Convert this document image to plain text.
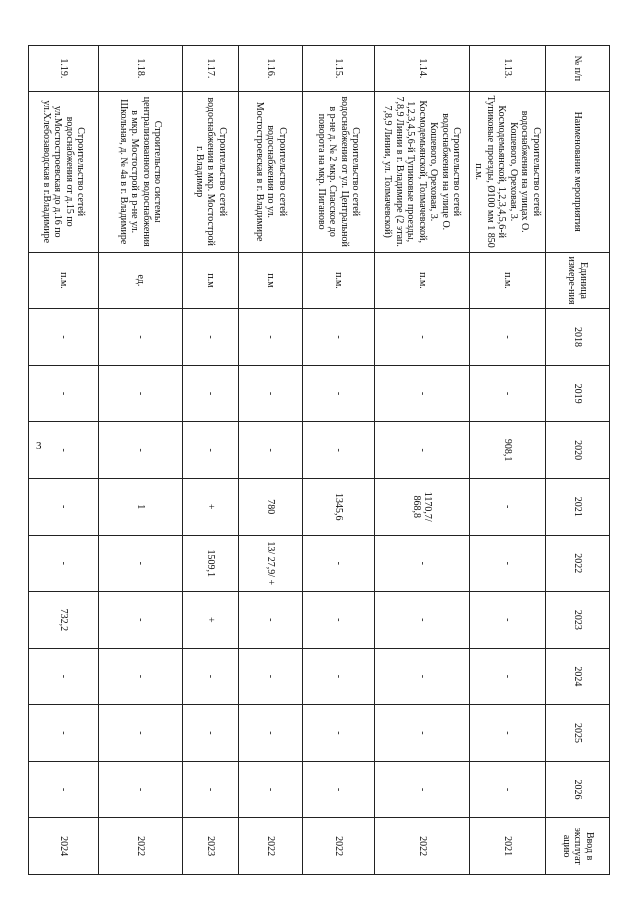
3
№ п/п	Наименование мероприятия	Единица измере-ния	2018	2019	2020	2021	2022	2023	2024	2025	2026	Ввод в эксплуат ацию
1.13.	Строительство сетей водоснабжения на улицах О. Кошевого, Ореховая, 3. Космодемьянской, 1,2,3,4,5,6-й Тупиковые проезды, Ø100 мм 1 850 п.м.	п.м.	-	-	908,1	-	-	-	-	-	-	2021
1.14.	Строительство сетей водоснабжения на улице О. Кошевого, Ореховая, 3. Космодемьянской, Толмачевской, 1,2,3,4,5,6-й Тупиковые проезды, 7,8,9 Линии в г. Владимире (2 этап. 7,8,9 Линии, ул. Толмачевской)	п.м.	-	-	-	1170,7/ 868,8	-	-	-	-	-	2022
1.15.	Строительство сетей водоснабжения от ул. Центральной в р-не д. № 2 мкр. Спасское до поворота на мкр. Пиганово	п.м.	-	-	-	1345,6	-	-	-	-	-	2022
1.16.	Строительство сетей водоснабжения по ул. Мостостроевская в г. Владимире	п.м	-	-	-	780	13/ 27,9/ +	-	-	-	-	2022
1.17.	Строительство сетей водоснабжения в мкр. Мостострой г. Владимир	п.м	-	-	-	+	1509,1	+	-	-	-	2023
1.18.	Строительство системы централизованного водоснабжения в мкр. Мостострой в р-не ул. Школьная, д. № 4а в г. Владимире	ед.	-	-	-	1	-	-	-	-	-	2022
1.19.	Строительство сетей водоснабжения от д.15 по ул.Мостостроевская до д.16 по ул.Хлебозаводская в г.Владимире	п.м.	-	-	-	-	-	732,2	-	-	-	2024
